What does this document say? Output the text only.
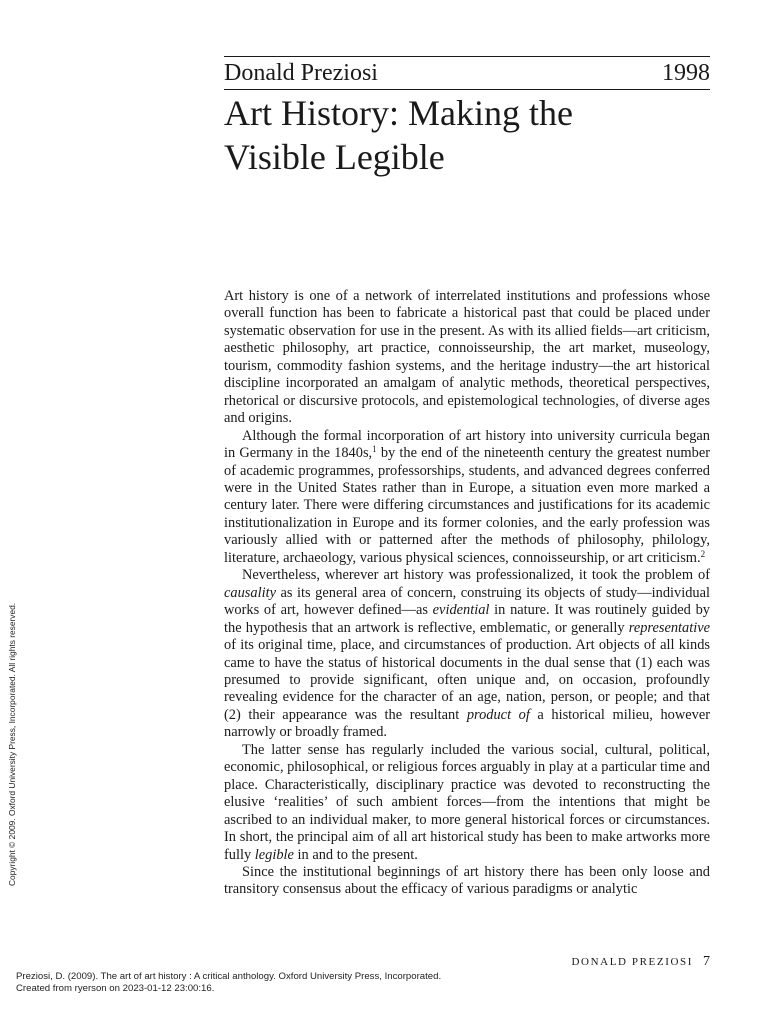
Donald Preziosi	1998
Art History: Making the
Visible Legible

Art history is one of a network of interrelated institutions and professions whose overall function has been to fabricate a historical past that could be placed under systematic observation for use in the present. As with its allied fields—art criticism, aesthetic philosophy, art practice, connoisseurship, the art market, museology, tourism, commodity fashion systems, and the heritage industry—the art historical discipline incorporated an amalgam of analytic methods, theoretical perspectives, rhetorical or discursive protocols, and epistemological technologies, of diverse ages and origins.

Although the formal incorporation of art history into university curricula began in Germany in the 1840s,$^1$ by the end of the nineteenth century the greatest number of academic programmes, professorships, students, and advanced degrees conferred were in the United States rather than in Europe, a situation even more marked a century later. There were differing circumstances and justifications for its academic institutionalization in Europe and its former colonies, and the early profession was variously allied with or patterned after the methods of philosophy, philology, literature, archaeology, various physical sciences, connoisseurship, or art criticism.$^2$

Nevertheless, wherever art history was professionalized, it took the problem of causality as its general area of concern, construing its objects of study—individual works of art, however defined—as evidential in nature. It was routinely guided by the hypothesis that an artwork is reflective, emblematic, or generally representative of its original time, place, and circumstances of production. Art objects of all kinds came to have the status of historical documents in the dual sense that (1) each was presumed to provide significant, often unique and, on occasion, profoundly revealing evidence for the character of an age, nation, person, or people; and that (2) their appearance was the resultant product of a historical milieu, however narrowly or broadly framed.

The latter sense has regularly included the various social, cultural, political, economic, philosophical, or religious forces arguably in play at a particular time and place. Characteristically, disciplinary practice was devoted to reconstructing the elusive ‘realities’ of such ambient forces—from the intentions that might be ascribed to an individual maker, to more general historical forces or circumstances. In short, the principal aim of all art historical study has been to make artworks more fully legible in and to the present.

Since the institutional beginnings of art history there has been only loose and transitory consensus about the efficacy of various paradigms or analytic

DONALD PREZIOSI 7
Copyright © 2009. Oxford University Press, Incorporated. All rights reserved.
Preziosi, D. (2009). The art of art history : A critical anthology. Oxford University Press, Incorporated.
Created from ryerson on 2023-01-12 23:00:16.
